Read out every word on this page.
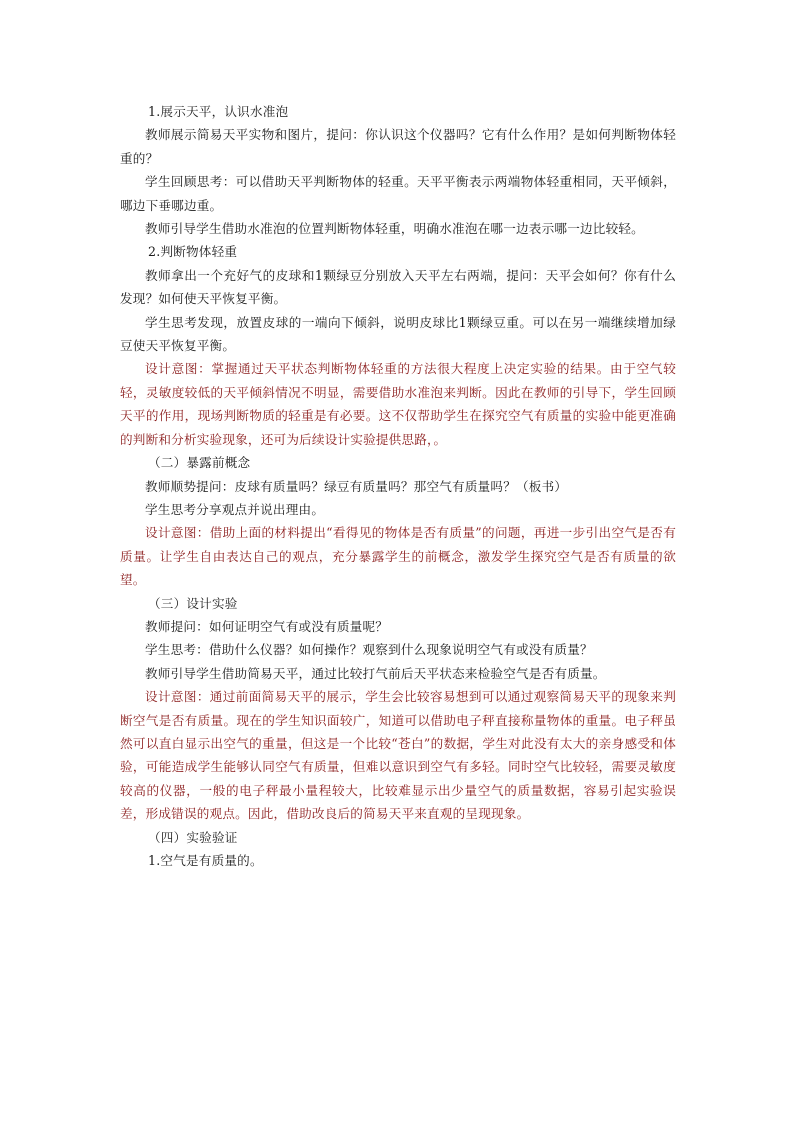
1.展示天平，认识水准泡

教师展示简易天平实物和图片，提问：你认识这个仪器吗？它有什么作用？是如何判断物体轻重的？

学生回顾思考：可以借助天平判断物体的轻重。天平平衡表示两端物体轻重相同，天平倾斜，哪边下垂哪边重。

教师引导学生借助水准泡的位置判断物体轻重，明确水准泡在哪一边表示哪一边比较轻。

2.判断物体轻重

教师拿出一个充好气的皮球和1颗绿豆分别放入天平左右两端，提问：天平会如何？你有什么发现？如何使天平恢复平衡。

学生思考发现，放置皮球的一端向下倾斜，说明皮球比1颗绿豆重。可以在另一端继续增加绿豆使天平恢复平衡。

设计意图：掌握通过天平状态判断物体轻重的方法很大程度上决定实验的结果。由于空气较轻，灵敏度较低的天平倾斜情况不明显，需要借助水准泡来判断。因此在教师的引导下，学生回顾天平的作用，现场判断物质的轻重是有必要。这不仅帮助学生在探究空气有质量的实验中能更准确的判断和分析实验现象，还可为后续设计实验提供思路，。

（二）暴露前概念

教师顺势提问：皮球有质量吗？绿豆有质量吗？那空气有质量吗？（板书）

学生思考分享观点并说出理由。

设计意图：借助上面的材料提出“看得见的物体是否有质量”的问题，再进一步引出空气是否有质量。让学生自由表达自己的观点，充分暴露学生的前概念，激发学生探究空气是否有质量的欲望。

（三）设计实验

教师提问：如何证明空气有或没有质量呢？

学生思考：借助什么仪器？如何操作？观察到什么现象说明空气有或没有质量？

教师引导学生借助简易天平，通过比较打气前后天平状态来检验空气是否有质量。

设计意图：通过前面简易天平的展示，学生会比较容易想到可以通过观察简易天平的现象来判断空气是否有质量。现在的学生知识面较广，知道可以借助电子秤直接称量物体的重量。电子秤虽然可以直白显示出空气的重量，但这是一个比较“苍白”的数据，学生对此没有太大的亲身感受和体验，可能造成学生能够认同空气有质量，但难以意识到空气有多轻。同时空气比较轻，需要灵敏度较高的仪器，一般的电子秤最小量程较大，比较难显示出少量空气的质量数据，容易引起实验误差，形成错误的观点。因此，借助改良后的简易天平来直观的呈现现象。

（四）实验验证

1.空气是有质量的。
